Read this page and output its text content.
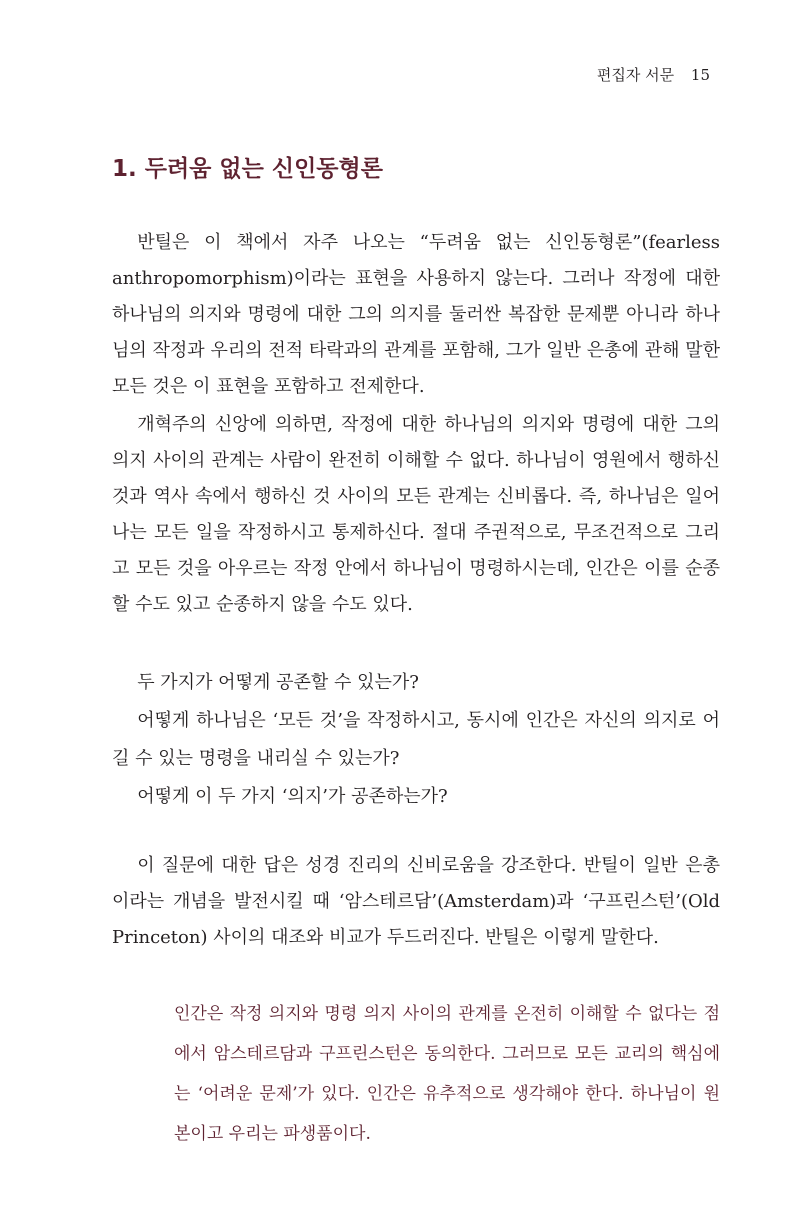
편집자 서문 15
1. 두려움 없는 신인동형론

반틸은 이 책에서 자주 나오는 “두려움 없는 신인동형론”(fearless anthropomorphism)이라는 표현을 사용하지 않는다. 그러나 작정에 대한 하나님의 의지와 명령에 대한 그의 의지를 둘러싼 복잡한 문제뿐 아니라 하나님의 작정과 우리의 전적 타락과의 관계를 포함해, 그가 일반 은총에 관해 말한 모든 것은 이 표현을 포함하고 전제한다.

개혁주의 신앙에 의하면, 작정에 대한 하나님의 의지와 명령에 대한 그의 의지 사이의 관계는 사람이 완전히 이해할 수 없다. 하나님이 영원에서 행하신 것과 역사 속에서 행하신 것 사이의 모든 관계는 신비롭다. 즉, 하나님은 일어나는 모든 일을 작정하시고 통제하신다. 절대 주권적으로, 무조건적으로 그리고 모든 것을 아우르는 작정 안에서 하나님이 명령하시는데, 인간은 이를 순종할 수도 있고 순종하지 않을 수도 있다.

두 가지가 어떻게 공존할 수 있는가?

어떻게 하나님은 ‘모든 것’을 작정하시고, 동시에 인간은 자신의 의지로 어길 수 있는 명령을 내리실 수 있는가?

어떻게 이 두 가지 ‘의지’가 공존하는가?

이 질문에 대한 답은 성경 진리의 신비로움을 강조한다. 반틸이 일반 은총이라는 개념을 발전시킬 때 ‘암스테르담’(Amsterdam)과 ‘구프린스턴’(Old Princeton) 사이의 대조와 비교가 두드러진다. 반틸은 이렇게 말한다.

인간은 작정 의지와 명령 의지 사이의 관계를 온전히 이해할 수 없다는 점에서 암스테르담과 구프린스턴은 동의한다. 그러므로 모든 교리의 핵심에는 ‘어려운 문제’가 있다. 인간은 유추적으로 생각해야 한다. 하나님이 원본이고 우리는 파생품이다.
